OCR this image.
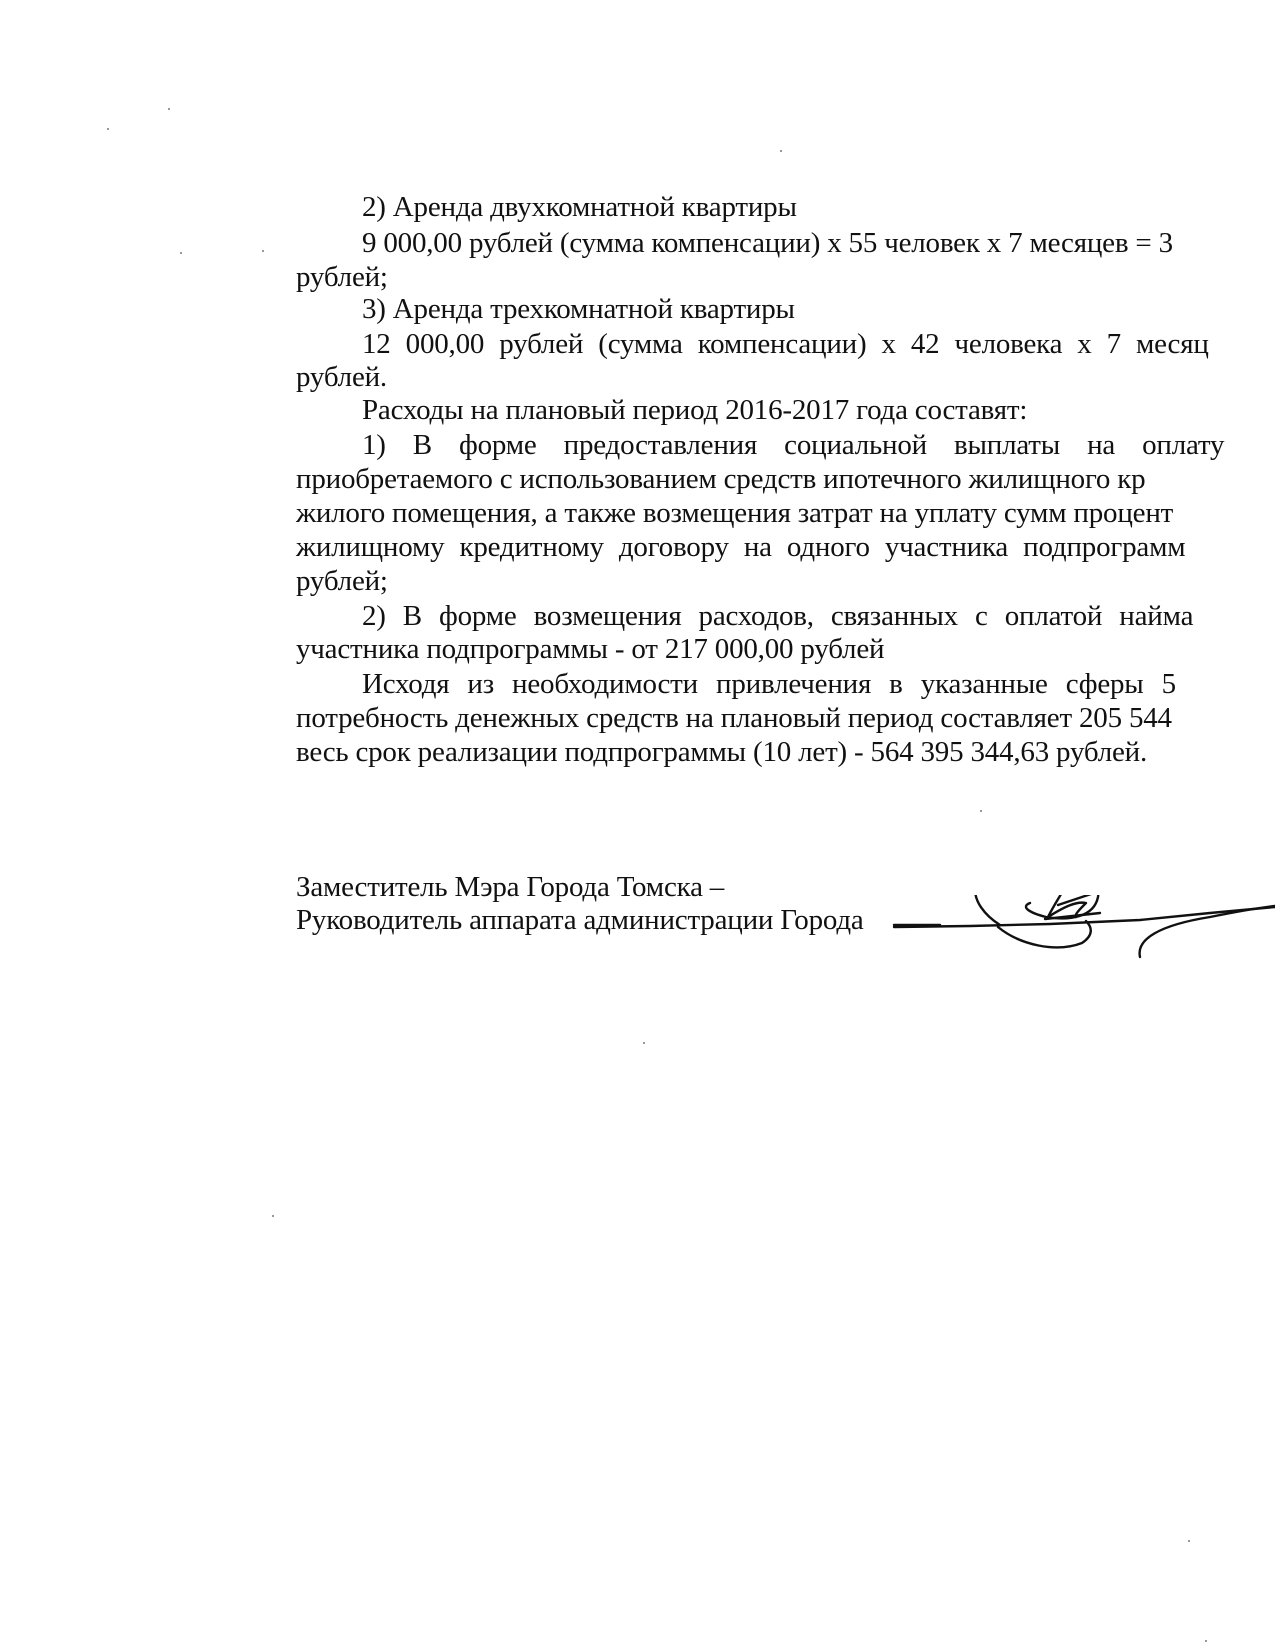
2) Аренда двухкомнатной квартиры
9 000,00 рублей (сумма компенсации) х 55 человек х 7 месяцев = 3
рублей;
3) Аренда трехкомнатной квартиры
12 000,00 рублей (сумма компенсации) х 42 человека х 7 месяц
рублей.
Расходы на плановый период 2016-2017 года составят:
1) В форме предоставления социальной выплаты на оплату
приобретаемого с использованием средств ипотечного жилищного кр
жилого помещения, а также возмещения затрат на уплату сумм процент
жилищному кредитному договору на одного участника подпрограмм
рублей;
2) В форме возмещения расходов, связанных с оплатой найма
участника подпрограммы - от 217 000,00 рублей
Исходя из необходимости привлечения в указанные сферы 5
потребность денежных средств на плановый период составляет 205 544
весь срок реализации подпрограммы (10 лет) - 564 395 344,63 рублей.
Заместитель Мэра Города Томска –
Руководитель аппарата администрации Города
